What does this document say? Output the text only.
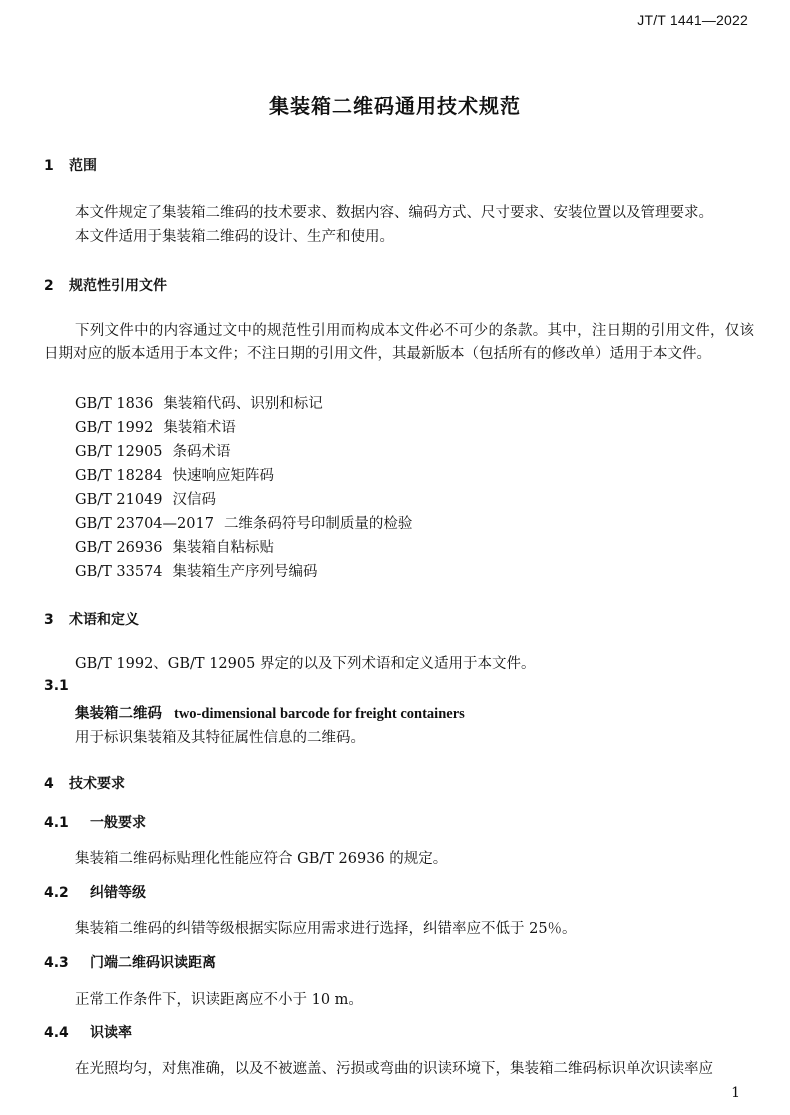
JT/T 1441—2022
集装箱二维码通用技术规范
1 范围
本文件规定了集装箱二维码的技术要求、数据内容、编码方式、尺寸要求、安装位置以及管理要求。
本文件适用于集装箱二维码的设计、生产和使用。
2 规范性引用文件
下列文件中的内容通过文中的规范性引用而构成本文件必不可少的条款。其中，注日期的引用文件，仅该日期对应的版本适用于本文件；不注日期的引用文件，其最新版本（包括所有的修改单）适用于本文件。
GB/T 1836 集装箱代码、识别和标记
GB/T 1992 集装箱术语
GB/T 12905 条码术语
GB/T 18284 快速响应矩阵码
GB/T 21049 汉信码
GB/T 23704—2017 二维条码符号印制质量的检验
GB/T 26936 集装箱自粘标贴
GB/T 33574 集装箱生产序列号编码
3 术语和定义
GB/T 1992、GB/T 12905 界定的以及下列术语和定义适用于本文件。
3.1
集装箱二维码 two-dimensional barcode for freight containers
用于标识集装箱及其特征属性信息的二维码。
4 技术要求
4.1 一般要求
集装箱二维码标贴理化性能应符合 GB/T 26936 的规定。
4.2 纠错等级
集装箱二维码的纠错等级根据实际应用需求进行选择，纠错率应不低于 25％。
4.3 门端二维码识读距离
正常工作条件下，识读距离应不小于 10 m。
4.4 识读率
在光照均匀，对焦准确，以及不被遮盖、污损或弯曲的识读环境下，集装箱二维码标识单次识读率应
1
